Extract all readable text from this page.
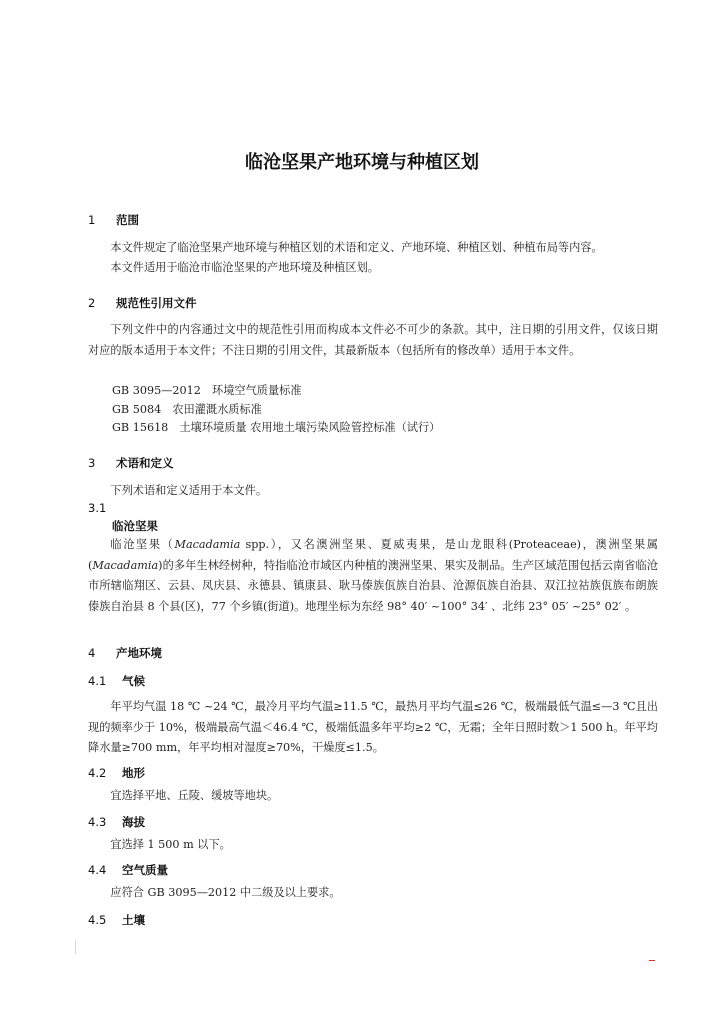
临沧坚果产地环境与种植区划
1 范围
本文件规定了临沧坚果产地环境与种植区划的术语和定义、产地环境、种植区划、种植布局等内容。
本文件适用于临沧市临沧坚果的产地环境及种植区划。
2 规范性引用文件
下列文件中的内容通过文中的规范性引用而构成本文件必不可少的条款。其中，注日期的引用文件，仅该日期对应的版本适用于本文件；不注日期的引用文件，其最新版本（包括所有的修改单）适用于本文件。
GB 3095—2012　环境空气质量标准
GB 5084　农田灌溉水质标准
GB 15618　土壤环境质量 农用地土壤污染风险管控标准（试行）
3 术语和定义
下列术语和定义适用于本文件。
3.1
临沧坚果
临沧坚果（Macadamia spp.），又名澳洲坚果、夏威夷果，是山龙眼科(Proteaceae)，澳洲坚果属(Macadamia)的多年生林经树种，特指临沧市域区内种植的澳洲坚果、果实及制品。生产区域范围包括云南省临沧市所辖临翔区、云县、凤庆县、永德县、镇康县、耿马傣族佤族自治县、沧源佤族自治县、双江拉祜族佤族布朗族傣族自治县 8 个县(区)，77 个乡镇(街道)。地理坐标为东经 98° 40′ ~100° 34′ 、北纬 23° 05′ ~25° 02′ 。
4 产地环境
4.1 气候
年平均气温 18 ℃ ~24 ℃，最冷月平均气温≥11.5 ℃，最热月平均气温≤26 ℃，极端最低气温≤—3 ℃且出现的频率少于 10%，极端最高气温＜46.4 ℃，极端低温多年平均≥2 ℃，无霜；全年日照时数＞1 500 h。年平均降水量≥700 mm，年平均相对湿度≥70%，干燥度≤1.5。
4.2 地形
宜选择平地、丘陵、缓坡等地块。
4.3 海拔
宜选择 1 500 m 以下。
4.4 空气质量
应符合 GB 3095—2012 中二级及以上要求。
4.5 土壤
